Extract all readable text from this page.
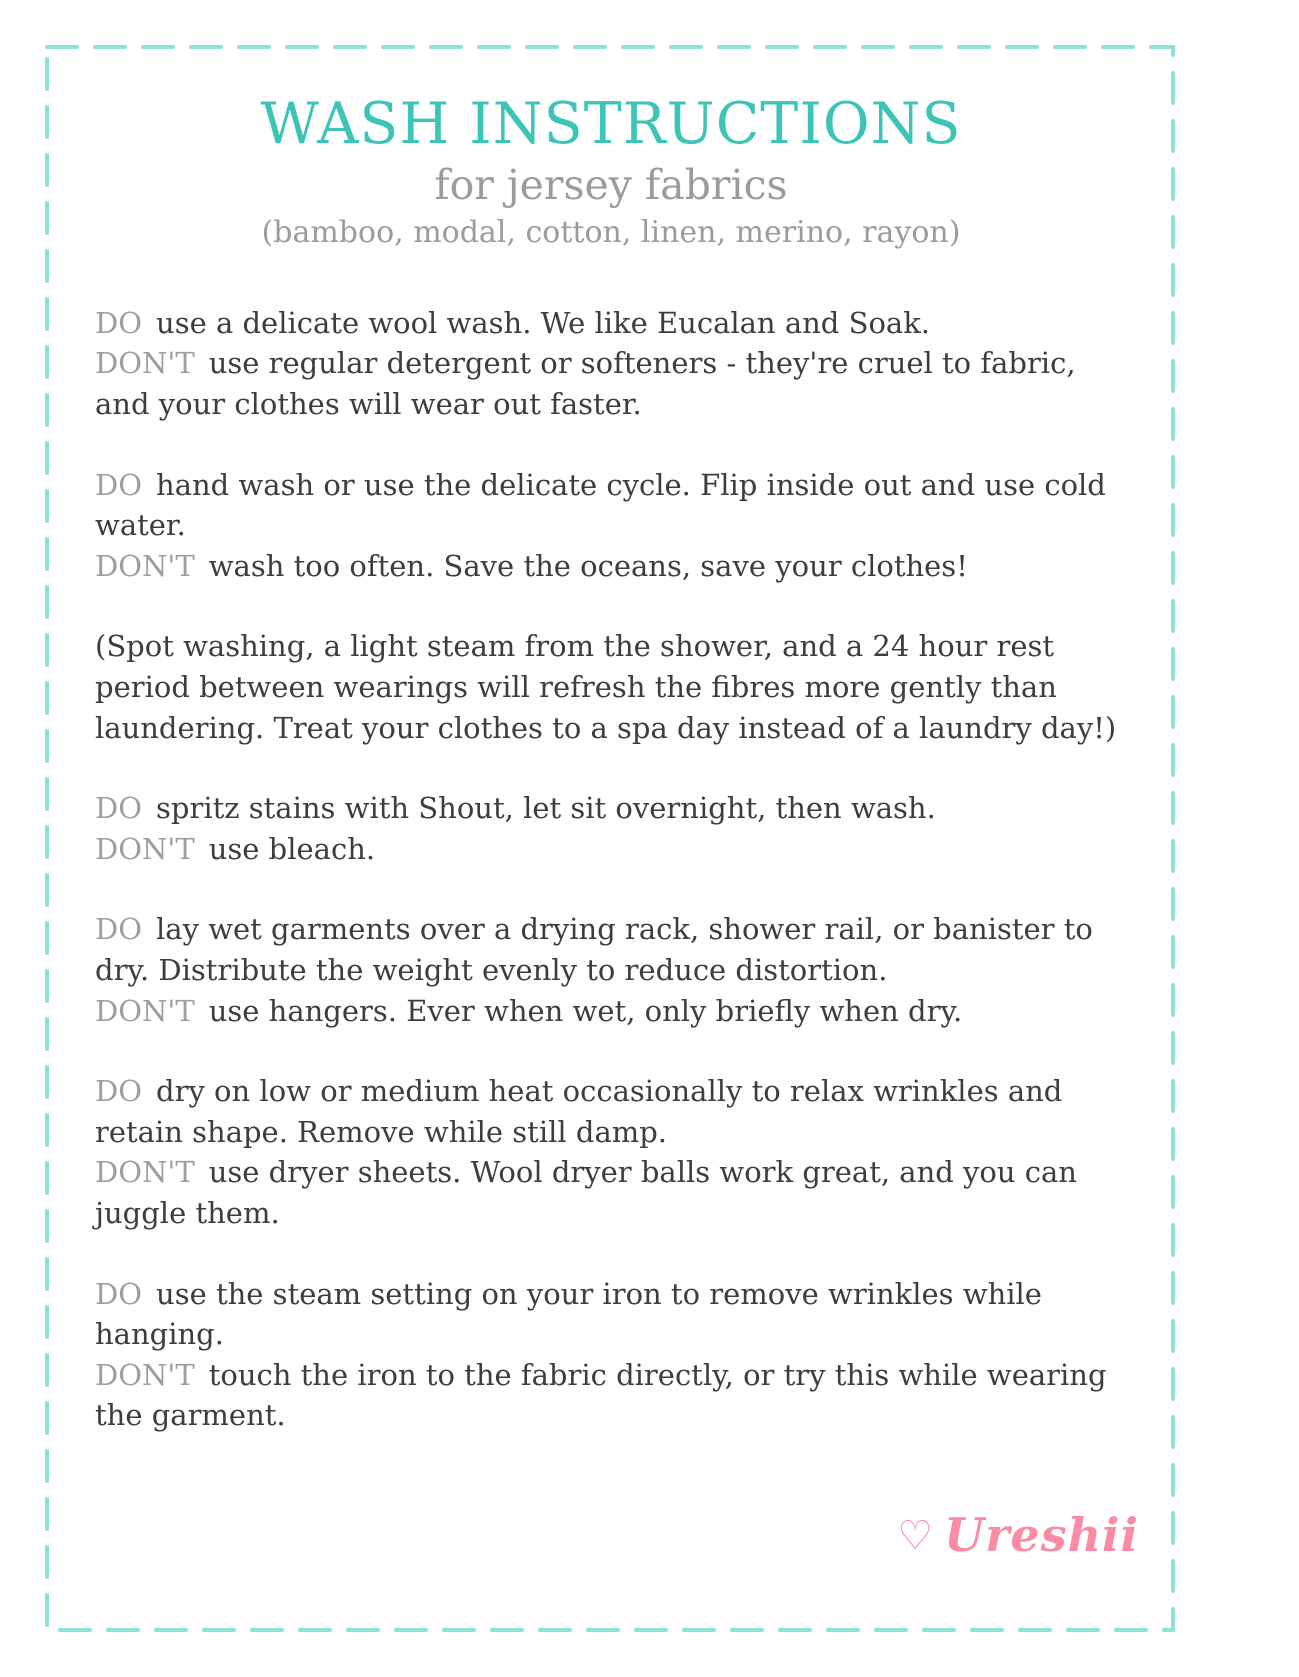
WASH INSTRUCTIONS
for jersey fabrics
(bamboo, modal, cotton, linen, merino, rayon)

DO use a delicate wool wash. We like Eucalan and Soak.

DON'T use regular detergent or softeners - they're cruel to fabric, and your clothes will wear out faster.

DO hand wash or use the delicate cycle. Flip inside out and use cold water.

DON'T wash too often. Save the oceans, save your clothes!

(Spot washing, a light steam from the shower, and a 24 hour rest period between wearings will refresh the fibres more gently than laundering. Treat your clothes to a spa day instead of a laundry day!)

DO spritz stains with Shout, let sit overnight, then wash.

DON'T use bleach.

DO lay wet garments over a drying rack, shower rail, or banister to dry. Distribute the weight evenly to reduce distortion.

DON'T use hangers. Ever when wet, only briefly when dry.

DO dry on low or medium heat occasionally to relax wrinkles and retain shape. Remove while still damp.

DON'T use dryer sheets. Wool dryer balls work great, and you can juggle them.

DO use the steam setting on your iron to remove wrinkles while hanging.

DON'T touch the iron to the fabric directly, or try this while wearing the garment.

♡ Ureshii
